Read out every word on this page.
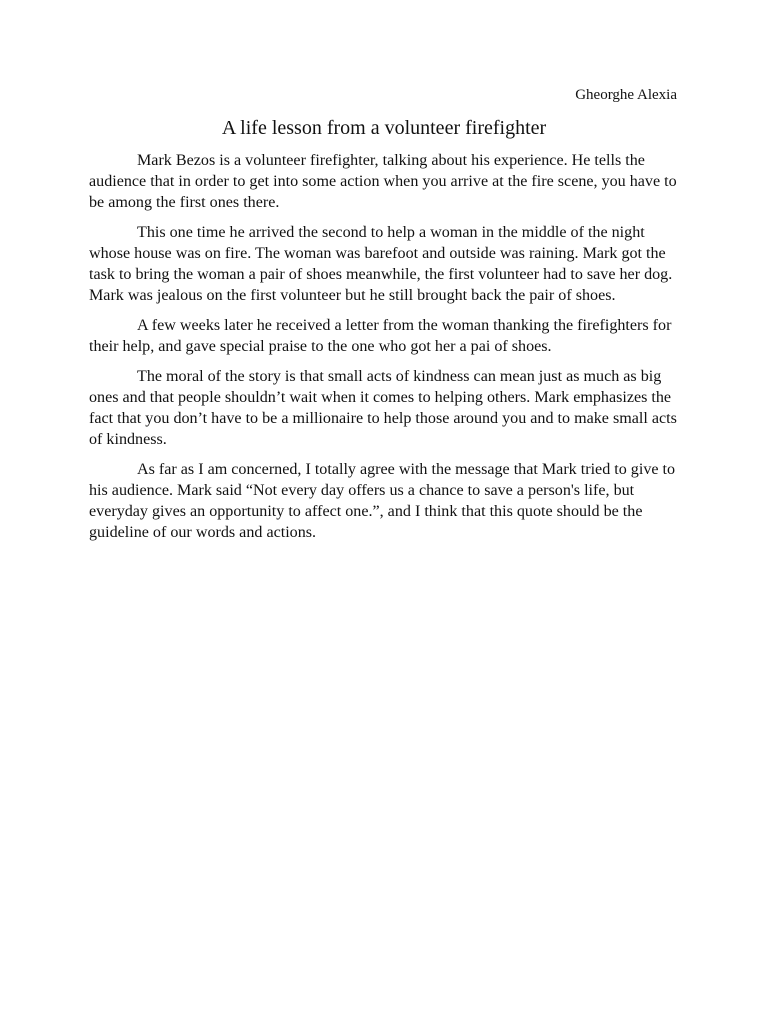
Gheorghe Alexia
A life lesson from a volunteer firefighter

Mark Bezos is a volunteer firefighter, talking about his experience. He tells the audience that in order to get into some action when you arrive at the fire scene, you have to be among the first ones there.

This one time he arrived the second to help a woman in the middle of the night whose house was on fire. The woman was barefoot and outside was raining. Mark got the task to bring the woman a pair of shoes meanwhile, the first volunteer had to save her dog. Mark was jealous on the first volunteer but he still brought back the pair of shoes.

A few weeks later he received a letter from the woman thanking the firefighters for their help, and gave special praise to the one who got her a pai of shoes.

The moral of the story is that small acts of kindness can mean just as much as big ones and that people shouldn’t wait when it comes to helping others. Mark emphasizes the fact that you don’t have to be a millionaire to help those around you and to make small acts of kindness.

As far as I am concerned, I totally agree with the message that Mark tried to give to his audience. Mark said “Not every day offers us a chance to save a person's life, but everyday gives an opportunity to affect one.”, and I think that this quote should be the guideline of our words and actions.
